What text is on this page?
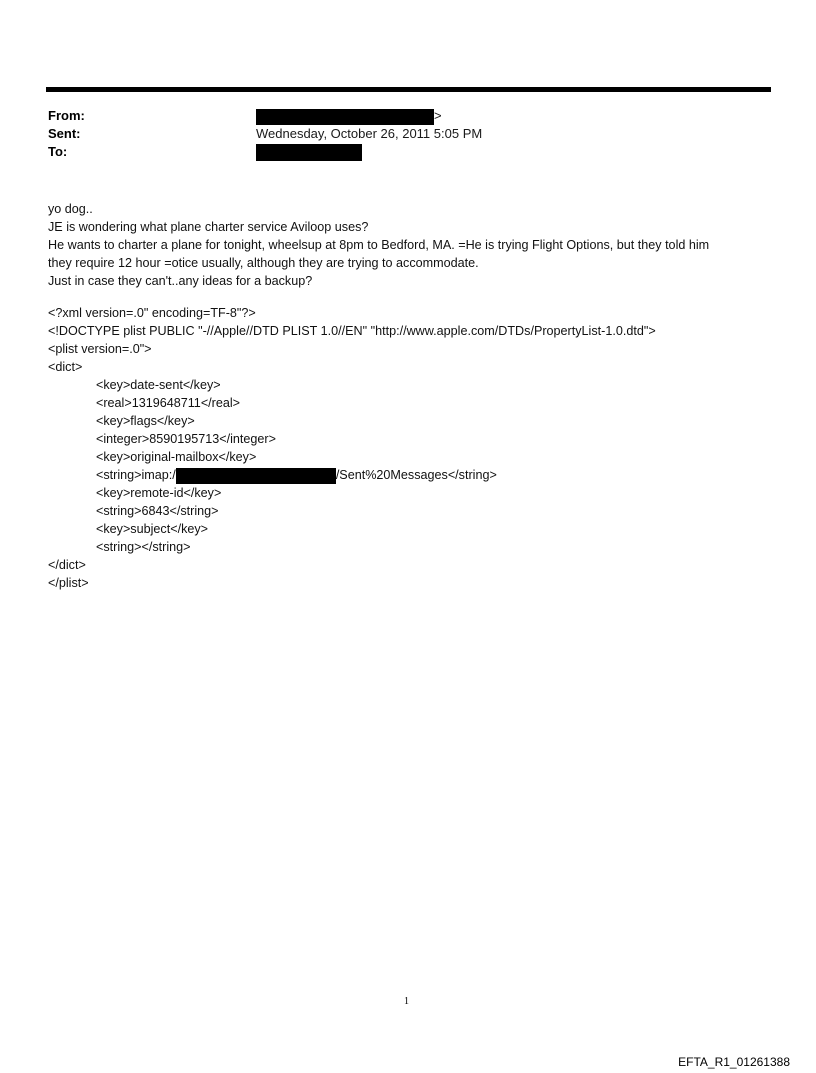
From:	>
Sent:	Wednesday, October 26, 2011 5:05 PM
To:
yo dog..
JE is wondering what plane charter service Aviloop uses?
He wants to charter a plane for tonight, wheelsup at 8pm to Bedford, MA. =He is trying Flight Options, but they told him
they require 12 hour =otice usually, although they are trying to accommodate.
Just in case they can't..any ideas for a backup?
<?xml version=.0" encoding=TF-8"?>
<!DOCTYPE plist PUBLIC "-//Apple//DTD PLIST 1.0//EN" "http://www.apple.com/DTDs/PropertyList-1.0.dtd">
<plist version=.0">
<dict>
<key>date-sent</key>
<real>1319648711</real>
<key>flags</key>
<integer>8590195713</integer>
<key>original-mailbox</key>
<string>imap:/	/Sent%20Messages</string>
<key>remote-id</key>
<string>6843</string>
<key>subject</key>
<string></string>
</dict>
</plist>
1
EFTA_R1_01261388
